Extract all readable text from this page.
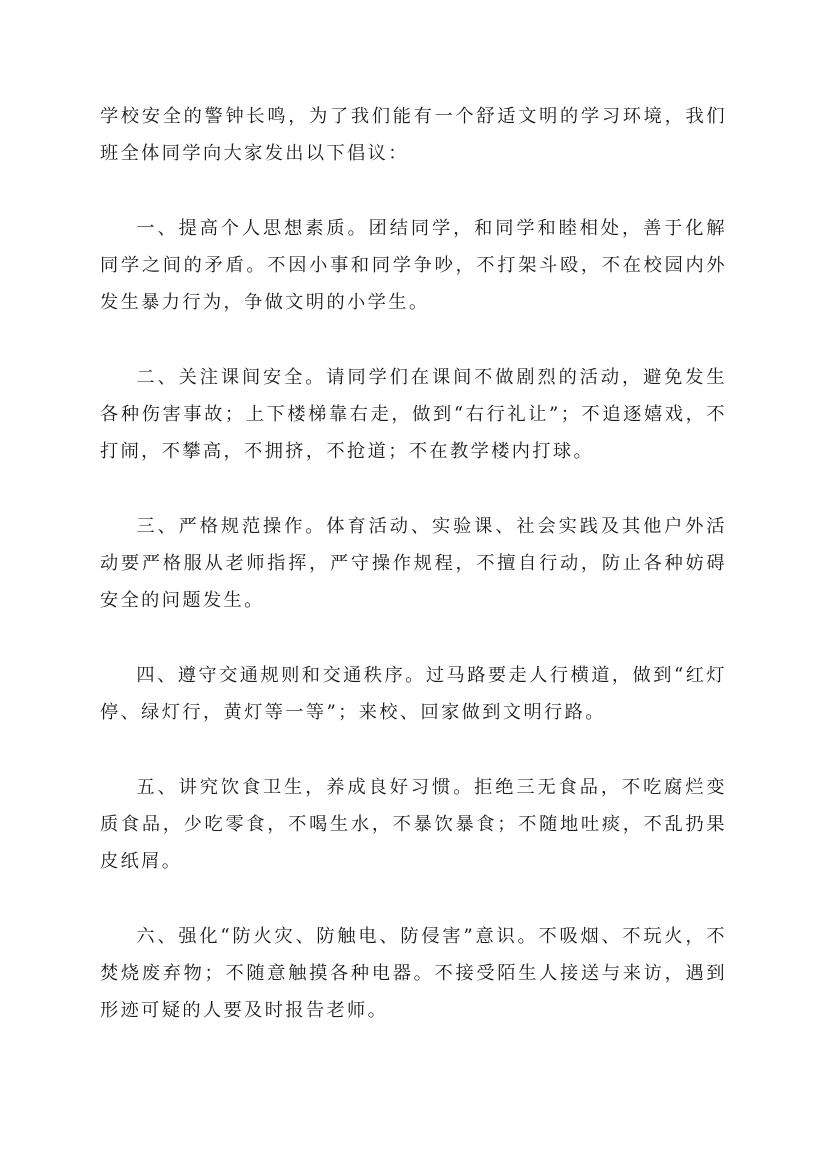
学校安全的警钟长鸣，为了我们能有一个舒适文明的学习环境，我们班全体同学向大家发出以下倡议：

一、提高个人思想素质。团结同学，和同学和睦相处，善于化解同学之间的矛盾。不因小事和同学争吵，不打架斗殴，不在校园内外发生暴力行为，争做文明的小学生。

二、关注课间安全。请同学们在课间不做剧烈的活动，避免发生各种伤害事故；上下楼梯靠右走，做到“右行礼让”；不追逐嬉戏，不打闹，不攀高，不拥挤，不抢道；不在教学楼内打球。

三、严格规范操作。体育活动、实验课、社会实践及其他户外活动要严格服从老师指挥，严守操作规程，不擅自行动，防止各种妨碍安全的问题发生。

四、遵守交通规则和交通秩序。过马路要走人行横道，做到“红灯停、绿灯行，黄灯等一等”；来校、回家做到文明行路。

五、讲究饮食卫生，养成良好习惯。拒绝三无食品，不吃腐烂变质食品，少吃零食，不喝生水，不暴饮暴食；不随地吐痰，不乱扔果皮纸屑。

六、强化“防火灾、防触电、防侵害”意识。不吸烟、不玩火，不焚烧废弃物；不随意触摸各种电器。不接受陌生人接送与来访，遇到形迹可疑的人要及时报告老师。
